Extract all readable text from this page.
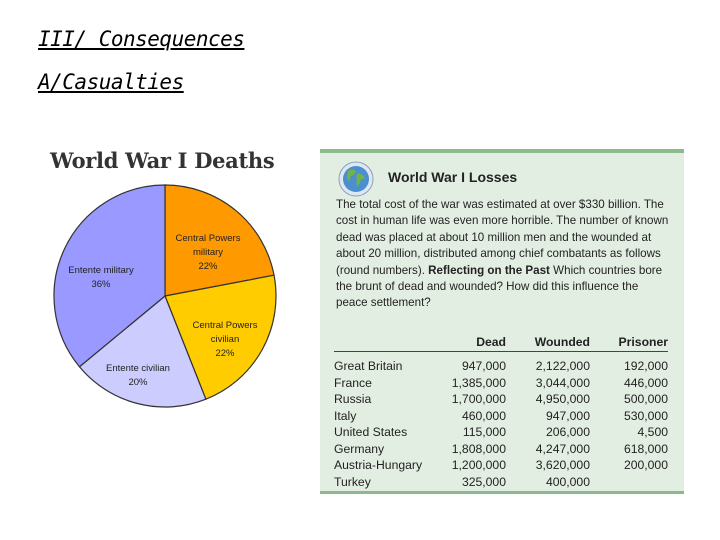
III/ Consequences
A/Casualties
World War I Deaths
Central Powers
military
22%
Central Powers
civilian
22%
Entente civilian
20%
Entente military
36%
World War I Losses
The total cost of the war was estimated at over $330 billion. The cost in human life was even more horrible. The number of known dead was placed at about 10 million men and the wounded at about 20 million, distributed among chief combatants as follows (round numbers). Reflecting on the Past Which countries bore the brunt of dead and wounded? How did this influence the peace settlement?
	Dead	Wounded	Prisoner
Great Britain	947,000	2,122,000	192,000
France	1,385,000	3,044,000	446,000
Russia	1,700,000	4,950,000	500,000
Italy	460,000	947,000	530,000
United States	115,000	206,000	4,500
Germany	1,808,000	4,247,000	618,000
Austria-Hungary	1,200,000	3,620,000	200,000
Turkey	325,000	400,000	
